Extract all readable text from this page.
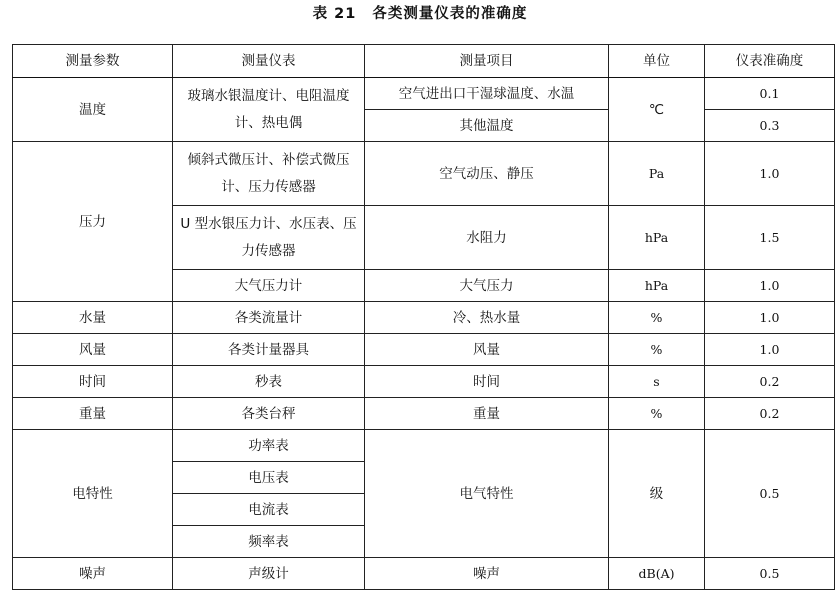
表 21 各类测量仪表的准确度
测量参数	测量仪表	测量项目	单位	仪表准确度
温度	玻璃水银温度计、电阻温度计、热电偶	空气进出口干湿球温度、水温	℃	0.1
		其他温度		0.3
压力	倾斜式微压计、补偿式微压计、压力传感器	空气动压、静压	Pa	1.0
	U 型水银压力计、水压表、压力传感器	水阻力	hPa	1.5
	大气压力计	大气压力	hPa	1.0
水量	各类流量计	冷、热水量	%	1.0
风量	各类计量器具	风量	%	1.0
时间	秒表	时间	s	0.2
重量	各类台秤	重量	%	0.2
电特性	功率表	电气特性	级	0.5
	电压表			
	电流表			
	频率表			
噪声	声级计	噪声	dB(A)	0.5
